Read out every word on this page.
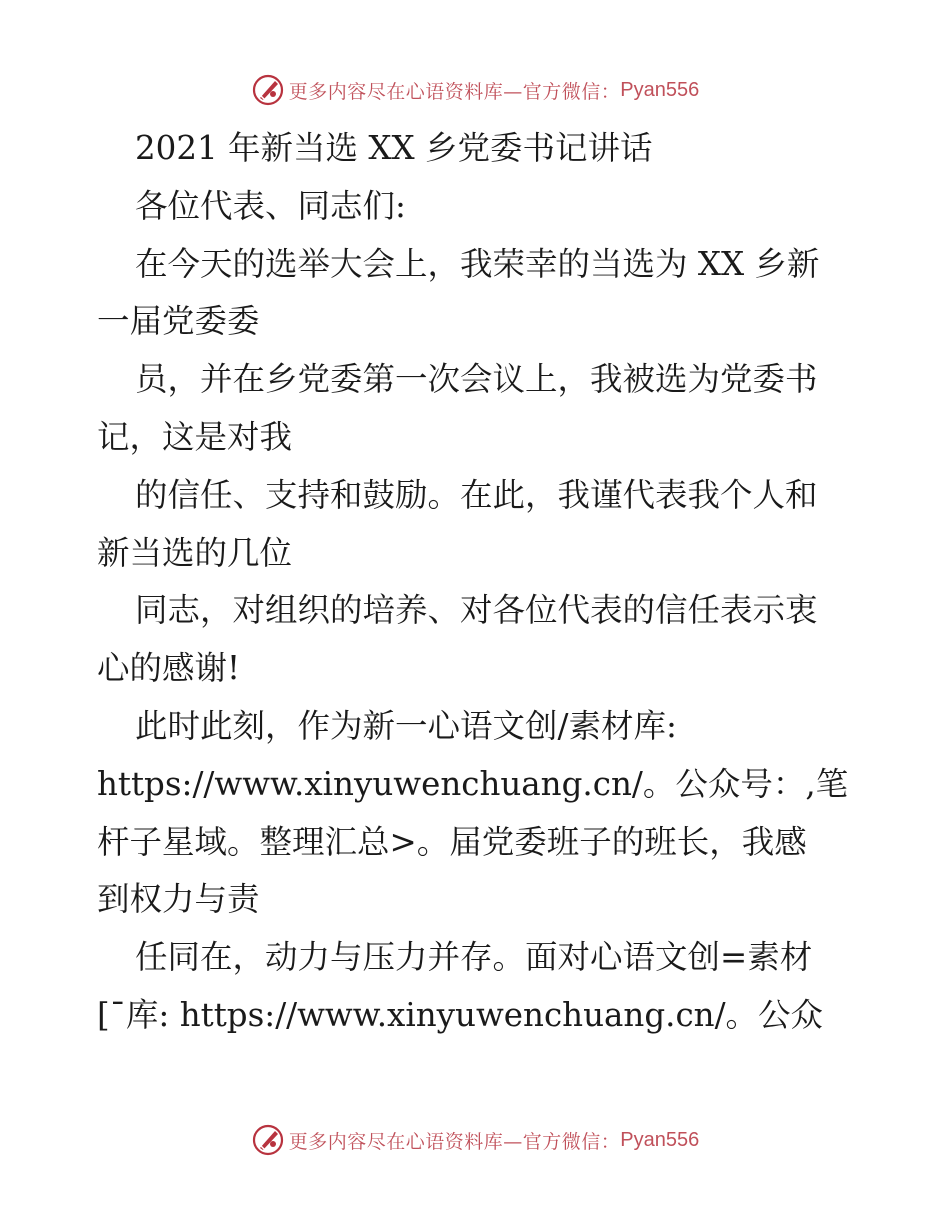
更多内容尽在心语资料库—官方微信： Pyan556
2021 年新当选 XX 乡党委书记讲话
各位代表、同志们:
在今天的选举大会上，我荣幸的当选为 XX 乡新
一届党委委
员，并在乡党委第一次会议上，我被选为党委书
记，这是对我
的信任、支持和鼓励。在此，我谨代表我个人和
新当选的几位
同志，对组织的培养、对各位代表的信任表示衷
心的感谢!
此时此刻，作为新一心语文创/素材库:
https://www.xinyuwenchuang.cn/。公众号：,笔
杆子星域。整理汇总>。届党委班子的班长，我感
到权力与责
任同在，动力与压力并存。面对心语文创=素材
[¯库: https://www.xinyuwenchuang.cn/。公众
更多内容尽在心语资料库—官方微信： Pyan556
